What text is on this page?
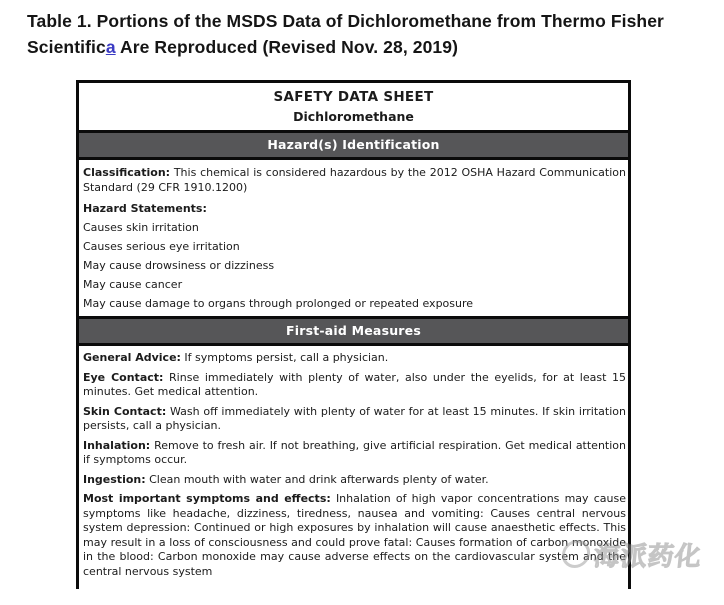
Table 1. Portions of the MSDS Data of Dichloromethane from Thermo Fisher Scientifica Are Reproduced (Revised Nov. 28, 2019)
SAFETY DATA SHEET
Dichloromethane
Hazard(s) Identification

Classification: This chemical is considered hazardous by the 2012 OSHA Hazard Communication Standard (29 CFR 1910.1200)

Hazard Statements:

Causes skin irritation

Causes serious eye irritation

May cause drowsiness or dizziness

May cause cancer

May cause damage to organs through prolonged or repeated exposure

First-aid Measures

General Advice: If symptoms persist, call a physician.

Eye Contact: Rinse immediately with plenty of water, also under the eyelids, for at least 15 minutes. Get medical attention.

Skin Contact: Wash off immediately with plenty of water for at least 15 minutes. If skin irritation persists, call a physician.

Inhalation: Remove to fresh air. If not breathing, give artificial respiration. Get medical attention if symptoms occur.

Ingestion: Clean mouth with water and drink afterwards plenty of water.

Most important symptoms and effects: Inhalation of high vapor concentrations may cause symptoms like headache, dizziness, tiredness, nausea and vomiting: Causes central nervous system depression: Continued or high exposures by inhalation will cause anaesthetic effects. This may result in a loss of consciousness and could prove fatal: Causes formation of carbon monoxide in the blood: Carbon monoxide may cause adverse effects on the cardiovascular system and the central nervous system	海派药化
